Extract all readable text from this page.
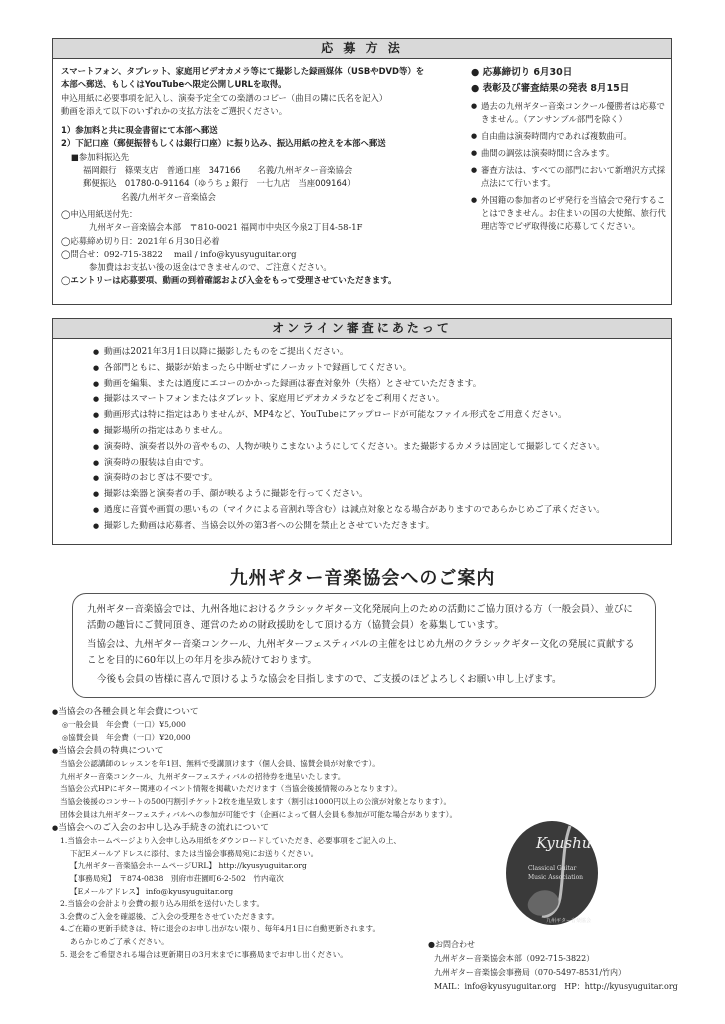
応 募 方 法
スマートフォン、タブレット、家庭用ビデオカメラ等にて撮影した録画媒体（USBやDVD等）を
本部へ郵送、もしくはYouTubeへ限定公開しURLを取得。
申込用紙に必要事項を記入し、演奏予定全ての楽譜のコピー（曲目の隣に氏名を記入）
動画を添えて以下のいずれかの支払方法をご選択ください。
1）参加料と共に現金書留にて本部へ郵送
2）下記口座（郵便振替もしくは銀行口座）に振り込み、振込用紙の控えを本部へ郵送
■参加料振込先
福岡銀行　篠栗支店　普通口座　347166　　名義/九州ギター音楽協会
郵便振込　01780-0-91164（ゆうちょ銀行　一七九店　当座009164）
名義/九州ギター音楽協会
◯申込用紙送付先：
九州ギター音楽協会本部　〒810-0021 福岡市中央区今泉2丁目4-58-1F
◯応募締め切り日：2021年６月30日必着
◯問合せ：092-715-3822　 mail / info@kyusyuguitar.org
参加費はお支払い後の返金はできませんので、ご注意ください。
◯エントリーは応募要項、動画の到着確認および入金をもって受理させていただきます。
● 応募締切り 6月30日
● 表彰及び審査結果の発表 8月15日
● 過去の九州ギター音楽コンクール優勝者は応募できません。（アンサンブル部門を除く）
● 自由曲は演奏時間内であれば複数曲可。
● 曲間の調弦は演奏時間に含みます。
● 審査方法は、すべての部門において新増沢方式採点法にて行います。
● 外国籍の参加者のビザ発行を当協会で発行することはできません。お住まいの国の大使館、旅行代理店等でビザ取得後に応募してください。
オンライン審査にあたって
● 動画は2021年3月1日以降に撮影したものをご提出ください。
● 各部門ともに、撮影が始まったら中断せずにノーカットで録画してください。
● 動画を編集、または過度にエコーのかかった録画は審査対象外（失格）とさせていただきます。
● 撮影はスマートフォンまたはタブレット、家庭用ビデオカメラなどをご利用ください。
● 動画形式は特に指定はありませんが、MP4など、YouTubeにアップロードが可能なファイル形式をご用意ください。
● 撮影場所の指定はありません。
● 演奏時、演奏者以外の音やもの、人物が映りこまないようにしてください。また撮影するカメラは固定して撮影してください。
● 演奏時の服装は自由です。
● 演奏時のおじぎは不要です。
● 撮影は楽器と演奏者の手、顔が映るように撮影を行ってください。
● 過度に音質や画質の悪いもの（マイクによる音割れ等含む）は減点対象となる場合がありますのであらかじめご了承ください。
● 撮影した動画は応募者、当協会以外の第3者への公開を禁止とさせていただきます。
九州ギター音楽協会へのご案内

九州ギター音楽協会では、九州各地におけるクラシックギター文化発展向上のための活動にご協力頂ける方（一般会員）、並びに活動の趣旨にご賛同頂き、運営のための財政援助をして頂ける方（協賛会員）を募集しています。

当協会は、九州ギター音楽コンクール、九州ギターフェスティバルの主催をはじめ九州のクラシックギター文化の発展に貢献することを目的に60年以上の年月を歩み続けております。

今後も会員の皆様に喜んで頂けるような協会を目指しますので、ご支援のほどよろしくお願い申し上げます。

●当協会の各種会員と年会費について
◎一般会員　年会費（一口）¥5,000
◎協賛会員　年会費（一口）¥20,000
●当協会会員の特典について
当協会公認講師のレッスンを年1回、無料で受講頂けます（個人会員、協賛会員が対象です）。
九州ギター音楽コンクール、九州ギターフェスティバルの招待券を進呈いたします。
当協会公式HPにギター関連のイベント情報を掲載いただけます（当協会後援情報のみとなります）。
当協会後援のコンサートの500円割引チケット2枚を進呈致します（割引は1000円以上の公演が対象となります）。
団体会員は九州ギターフェスティバルへの参加が可能です（企画によって個人会員も参加が可能な場合があります）。
●当協会へのご入会のお申し込み手続きの流れについて
1.当協会ホームページより入会申し込み用紙をダウンロードしていただき、必要事項をご記入の上、
下記Eメールアドレスに添付、または当協会事務局宛にお送りください。
【九州ギター音楽協会ホームページURL】 http://kyusyuguitar.org
【事務局宛】　〒874-0838　別府市荘園町6-2-502　竹内竜次
【Eメールアドレス】 info@kyusyuguitar.org
2.当協会の会計より会費の振り込み用紙を送付いたします。
3.会費のご入金を確認後、ご入会の受理をさせていただきます。
4.ご在籍の更新手続きは、特に退会のお申し出がない限り、毎年4月1日に自動更新されます。
あらかじめご了承ください。
5. 退会をご希望される場合は更新期日の3月末までに事務局までお申し出ください。
Kyushu
Classical Guitar
Music Association
九州ギター音楽協会
●お問合わせ
九州ギター音楽協会本部（092-715-3822）
九州ギター音楽協会事務局（070-5497-8531/竹内）
MAIL：info@kyusyuguitar.org　HP：http://kyusyuguitar.org
